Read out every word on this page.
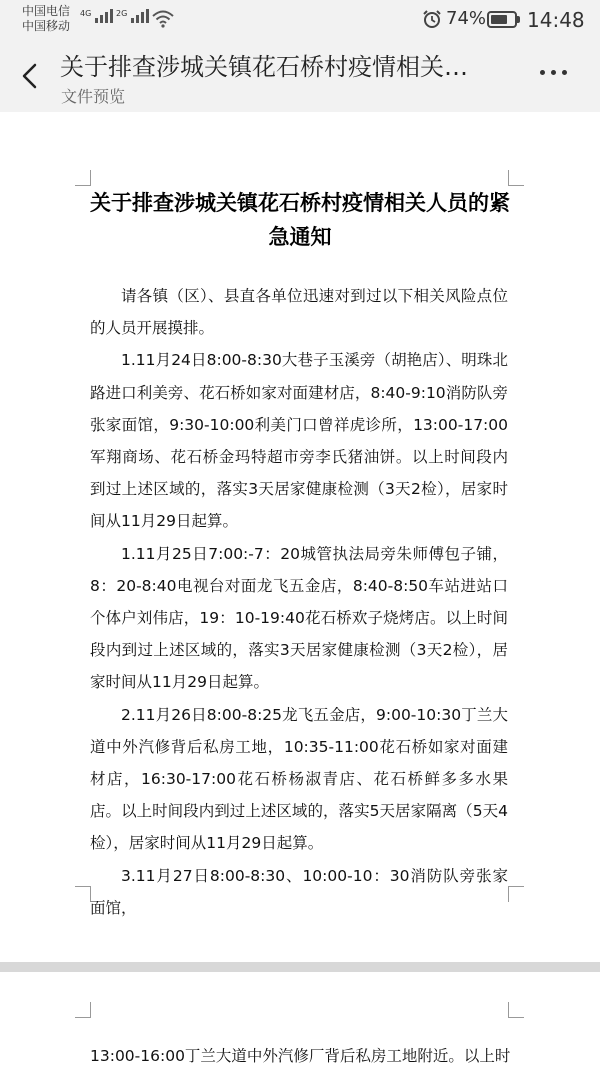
中国电信
中国移动
4G	2G	74% 14:48
关于排查涉城关镇花石桥村疫情相关…
文件预览
关于排查涉城关镇花石桥村疫情相关人员的紧急通知

请各镇（区）、县直各单位迅速对到过以下相关风险点位的人员开展摸排。

1.11月24日8:00-8:30大巷子玉溪旁（胡艳店）、明珠北路进口利美旁、花石桥如家对面建材店，8:40-9:10消防队旁张家面馆，9:30-10:00利美门口曾祥虎诊所，13:00-17:00军翔商场、花石桥金玛特超市旁李氏猪油饼。以上时间段内到过上述区域的，落实3天居家健康检测（3天2检），居家时间从11月29日起算。

1.11月25日7:00:-7：20城管执法局旁朱师傅包子铺，8：20-8:40电视台对面龙飞五金店，8:40-8:50车站进站口个体户刘伟店，19：10-19:40花石桥欢子烧烤店。以上时间段内到过上述区域的，落实3天居家健康检测（3天2检），居家时间从11月29日起算。

2.11月26日8:00-8:25龙飞五金店，9:00-10:30丁兰大道中外汽修背后私房工地，10:35-11:00花石桥如家对面建材店，16:30-17:00花石桥杨淑青店、花石桥鲜多多水果店。以上时间段内到过上述区域的，落实5天居家隔离（5天4检），居家时间从11月29日起算。

3.11月27日8:00-8:30、10:00-10：30消防队旁张家面馆，

13:00-16:00丁兰大道中外汽修厂背后私房工地附近。以上时
